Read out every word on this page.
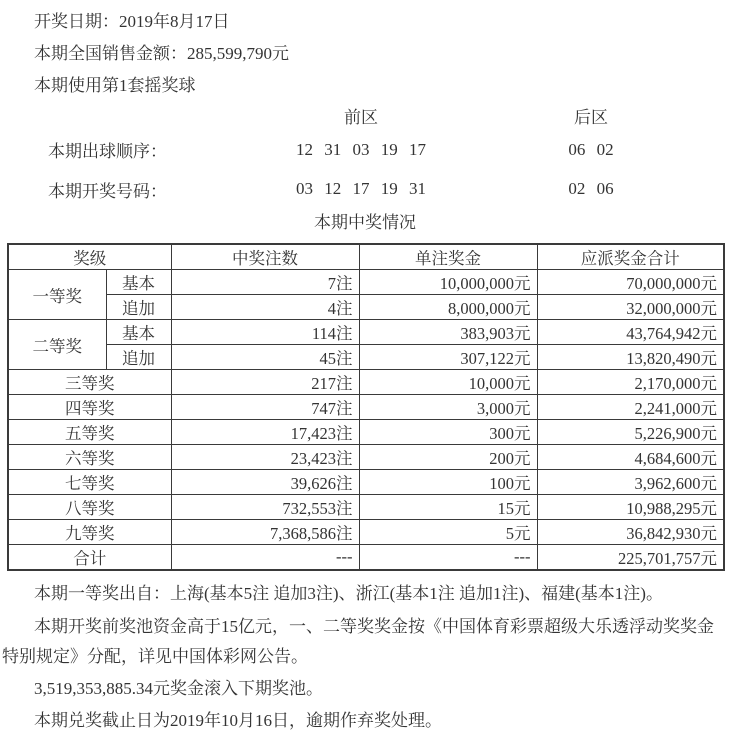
开奖日期：2019年8月17日

本期全国销售金额：285,599,790元

本期使用第1套摇奖球

前区	后区
本期出球顺序：	12 31 03 19 17	06 02
本期开奖号码：	03 12 17 19 31	02 06
本期中奖情况
奖级		中奖注数	单注奖金	应派奖金合计
一等奖	基本	7注	10,000,000元	70,000,000元
	追加	4注	8,000,000元	32,000,000元
二等奖	基本	114注	383,903元	43,764,942元
	追加	45注	307,122元	13,820,490元
三等奖		217注	10,000元	2,170,000元
四等奖		747注	3,000元	2,241,000元
五等奖		17,423注	300元	5,226,900元
六等奖		23,423注	200元	4,684,600元
七等奖		39,626注	100元	3,962,600元
八等奖		732,553注	15元	10,988,295元
九等奖		7,368,586注	5元	36,842,930元
合计		---	---	225,701,757元

本期一等奖出自：上海(基本5注 追加3注)、浙江(基本1注 追加1注)、福建(基本1注)。

本期开奖前奖池资金高于15亿元，一、二等奖奖金按《中国体育彩票超级大乐透浮动奖奖金特别规定》分配，详见中国体彩网公告。

3,519,353,885.34元奖金滚入下期奖池。

本期兑奖截止日为2019年10月16日，逾期作弃奖处理。
